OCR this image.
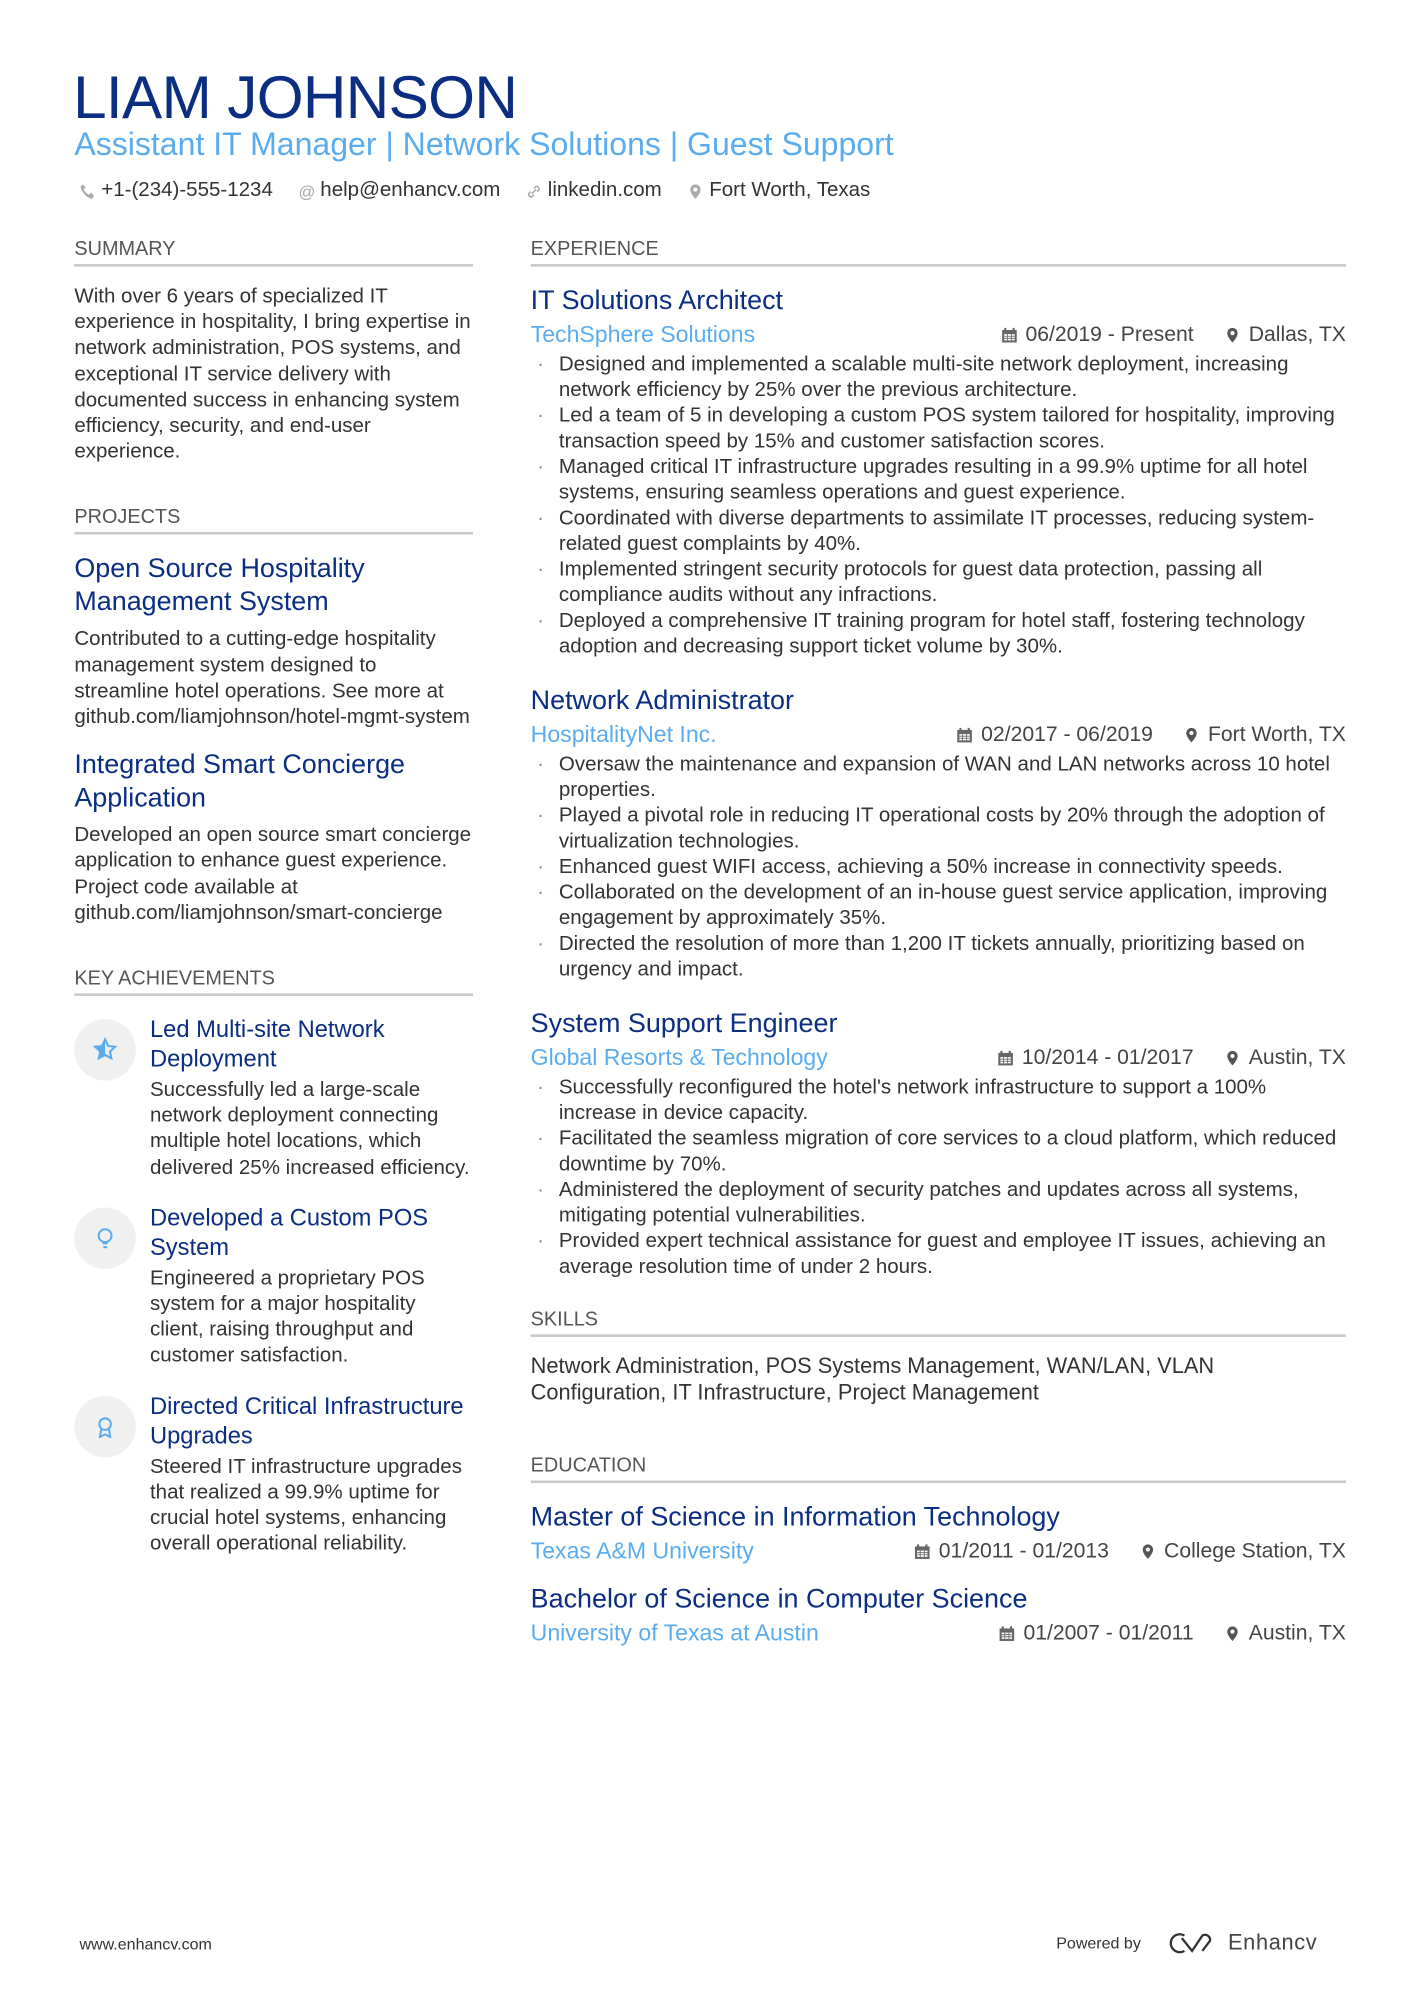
LIAM JOHNSON
Assistant IT Manager | Network Solutions | Guest Support
+1-(234)-555-1234 @ help@enhancv.com	linkedin.com	Fort Worth, Texas
SUMMARY
With over 6 years of specialized IT experience in hospitality, I bring expertise in network administration, POS systems, and exceptional IT service delivery with documented success in enhancing system efficiency, security, and end-user experience.
PROJECTS
Open Source Hospitality Management System
Contributed to a cutting-edge hospitality management system designed to streamline hotel operations. See more at github.com/liamjohnson/hotel-mgmt-system
Integrated Smart Concierge Application
Developed an open source smart concierge application to enhance guest experience. Project code available at github.com/liamjohnson/smart-concierge
KEY ACHIEVEMENTS
Led Multi-site Network Deployment
Successfully led a large-scale network deployment connecting multiple hotel locations, which delivered 25% increased efficiency.
Developed a Custom POS System
Engineered a proprietary POS system for a major hospitality client, raising throughput and customer satisfaction.
Directed Critical Infrastructure Upgrades
Steered IT infrastructure upgrades that realized a 99.9% uptime for crucial hotel systems, enhancing overall operational reliability.
EXPERIENCE
IT Solutions Architect
TechSphere Solutions	06/2019 - Present	Dallas, TX
· Designed and implemented a scalable multi-site network deployment, increasing network efficiency by 25% over the previous architecture.
· Led a team of 5 in developing a custom POS system tailored for hospitality, improving transaction speed by 15% and customer satisfaction scores.
· Managed critical IT infrastructure upgrades resulting in a 99.9% uptime for all hotel systems, ensuring seamless operations and guest experience.
· Coordinated with diverse departments to assimilate IT processes, reducing system-related guest complaints by 40%.
· Implemented stringent security protocols for guest data protection, passing all compliance audits without any infractions.
· Deployed a comprehensive IT training program for hotel staff, fostering technology adoption and decreasing support ticket volume by 30%.
Network Administrator
HospitalityNet Inc.	02/2017 - 06/2019	Fort Worth, TX
· Oversaw the maintenance and expansion of WAN and LAN networks across 10 hotel properties.
· Played a pivotal role in reducing IT operational costs by 20% through the adoption of virtualization technologies.
· Enhanced guest WIFI access, achieving a 50% increase in connectivity speeds.
· Collaborated on the development of an in-house guest service application, improving engagement by approximately 35%.
· Directed the resolution of more than 1,200 IT tickets annually, prioritizing based on urgency and impact.
System Support Engineer
Global Resorts & Technology	10/2014 - 01/2017	Austin, TX
· Successfully reconfigured the hotel's network infrastructure to support a 100% increase in device capacity.
· Facilitated the seamless migration of core services to a cloud platform, which reduced downtime by 70%.
· Administered the deployment of security patches and updates across all systems, mitigating potential vulnerabilities.
· Provided expert technical assistance for guest and employee IT issues, achieving an average resolution time of under 2 hours.
SKILLS
Network Administration, POS Systems Management, WAN/LAN, VLAN Configuration, IT Infrastructure, Project Management
EDUCATION
Master of Science in Information Technology
Texas A&M University	01/2011 - 01/2013	College Station, TX
Bachelor of Science in Computer Science
University of Texas at Austin	01/2007 - 01/2011	Austin, TX
www.enhancv.com	Powered by	Enhancv
